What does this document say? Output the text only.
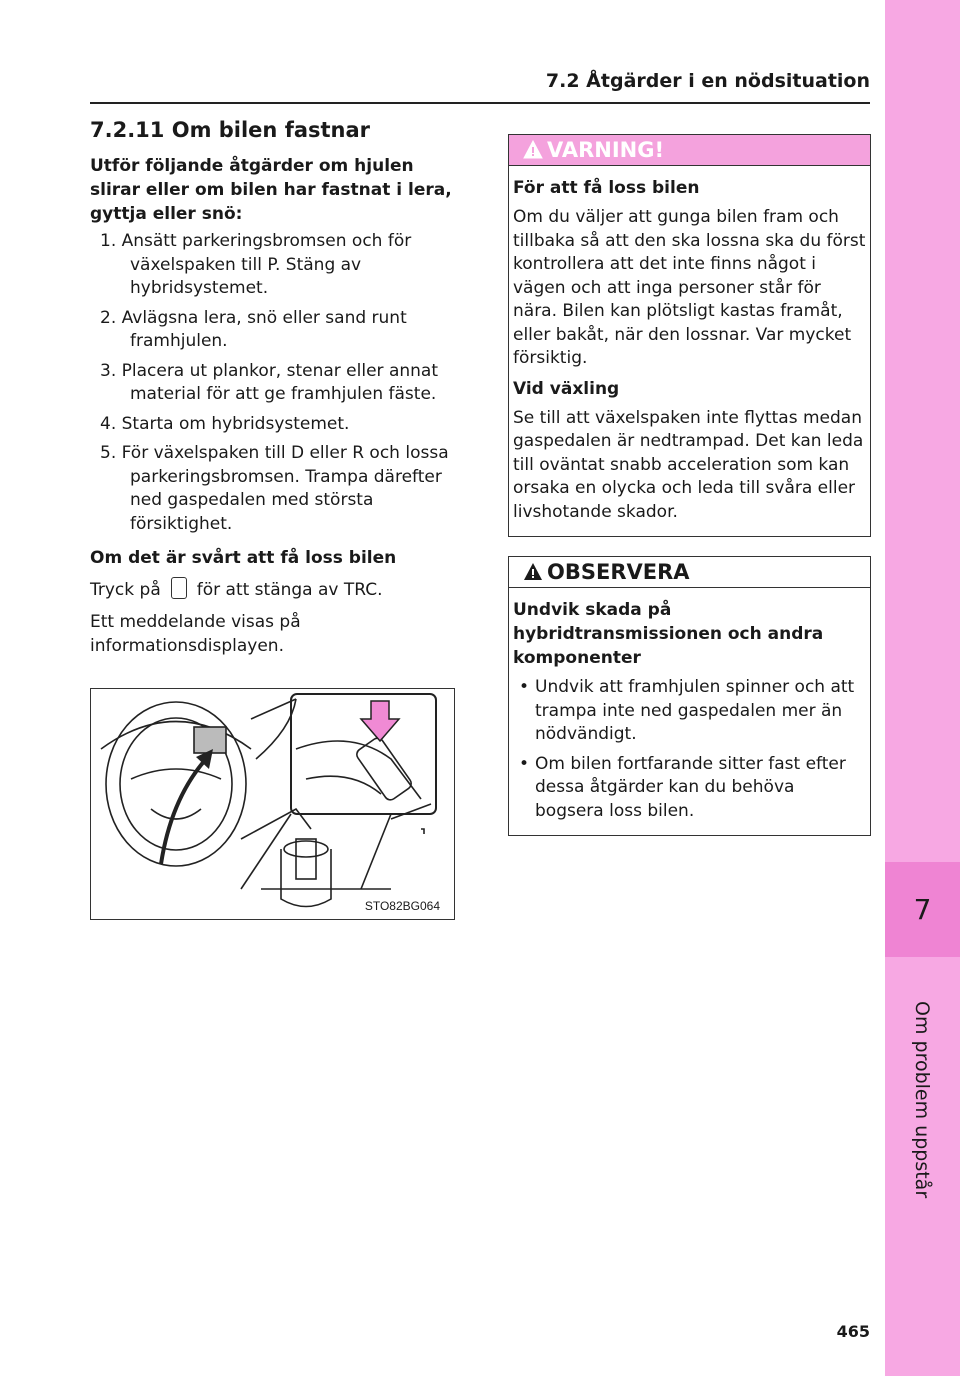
7
Om problem uppstår
7.2 Åtgärder i en nödsituation
7.2.11 Om bilen fastnar
Utför följande åtgärder om hjulen slirar eller om bilen har fastnat i lera, gyttja eller snö:
1. Ansätt parkeringsbromsen och för växelspaken till P. Stäng av hybridsystemet.
2. Avlägsna lera, snö eller sand runt framhjulen.
3. Placera ut plankor, stenar eller annat material för att ge framhjulen fäste.
4. Starta om hybridsystemet.
5. För växelspaken till D eller R och lossa parkeringsbromsen. Trampa därefter ned gaspedalen med största försiktighet.
Om det är svårt att få loss bilen
Tryck på för att stänga av TRC.
Ett meddelande visas på informationsdisplayen.
STO82BG064
VARNING!
För att få loss bilen
Om du väljer att gunga bilen fram och tillbaka så att den ska lossna ska du först kontrollera att det inte finns något i vägen och att inga personer står för nära. Bilen kan plötsligt kastas framåt, eller bakåt, när den lossnar. Var mycket försiktig.
Vid växling
Se till att växelspaken inte flyttas medan gaspedalen är nedtrampad. Det kan leda till oväntat snabb acceleration som kan orsaka en olycka och leda till svåra eller livshotande skador.
OBSERVERA
Undvik skada på hybridtransmissionen och andra komponenter
• Undvik att framhjulen spinner och att trampa inte ned gaspedalen mer än nödvändigt.
• Om bilen fortfarande sitter fast efter dessa åtgärder kan du behöva bogsera loss bilen.
465
